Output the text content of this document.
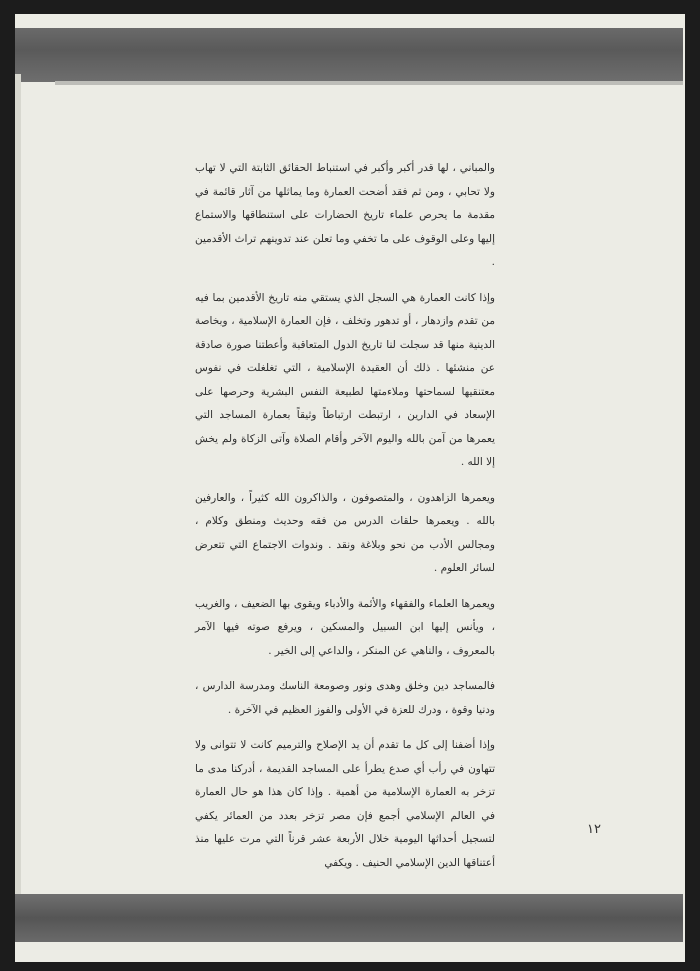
والمباني ، لها قدر أكبر وأكبر في استنباط الحقائق الثابتة التي لا تهاب ولا تحابي ، ومن ثم فقد أضحت العمارة وما يماثلها من آثار قائمة في مقدمة ما يحرص علماء تاريخ الحضارات على استنطاقها والاستماع إليها وعلى الوقوف على ما تخفي وما تعلن عند تدوينهم تراث الأقدمين .

وإذا كانت العمارة هي السجل الذي يستقي منه تاريخ الأقدمين بما فيه من تقدم وازدهار ، أو تدهور وتخلف ، فإن العمارة الإسلامية ، وبخاصة الدينية منها قد سجلت لنا تاريخ الدول المتعاقبة وأعطتنا صورة صادقة عن منشئها . ذلك أن العقيدة الإسلامية ، التي تغلغلت في نفوس معتنقيها لسماحتها وملاءمتها لطبيعة النفس البشرية وحرصها على الإسعاد في الدارين ، ارتبطت ارتباطاً وثيقاً بعمارة المساجد التي يعمرها من آمن بالله واليوم الآخر وأقام الصلاة وآتى الزكاة ولم يخش إلا الله .

ويعمرها الزاهدون ، والمتصوفون ، والذاكرون الله كثيراً ، والعارفين بالله . ويعمرها حلقات الدرس من فقه وحديث ومنطق وكلام ، ومجالس الأدب من نحو وبلاغة ونقد . وندوات الاجتماع التي تتعرض لسائر العلوم .

ويعمرها العلماء والفقهاء والأئمة والأدباء ويقوى بها الضعيف ، والغريب ، ويأنس إليها ابن السبيل والمسكين ، ويرفع صوته فيها الآمر بالمعروف ، والناهي عن المنكر ، والداعي إلى الخير .

فالمساجد دين وخلق وهدى ونور وصومعة الناسك ومدرسة الدارس ، ودنيا وقوة ، ودرك للعزة في الأولى والفوز العظيم في الآخرة .

وإذا أضفنا إلى كل ما تقدم أن يد الإصلاح والترميم كانت لا تتوانى ولا تتهاون في رأب أي صدع يطرأ على المساجد القديمة ، أدركنا مدى ما تزخر به العمارة الإسلامية من أهمية . وإذا كان هذا هو حال العمارة في العالم الإسلامي أجمع فإن مصر تزخر بعدد من العمائر يكفي لتسجيل أحداثها اليومية خلال الأربعة عشر قرناً التي مرت عليها منذ أعتناقها الدين الإسلامي الحنيف . ويكفي

١٢
